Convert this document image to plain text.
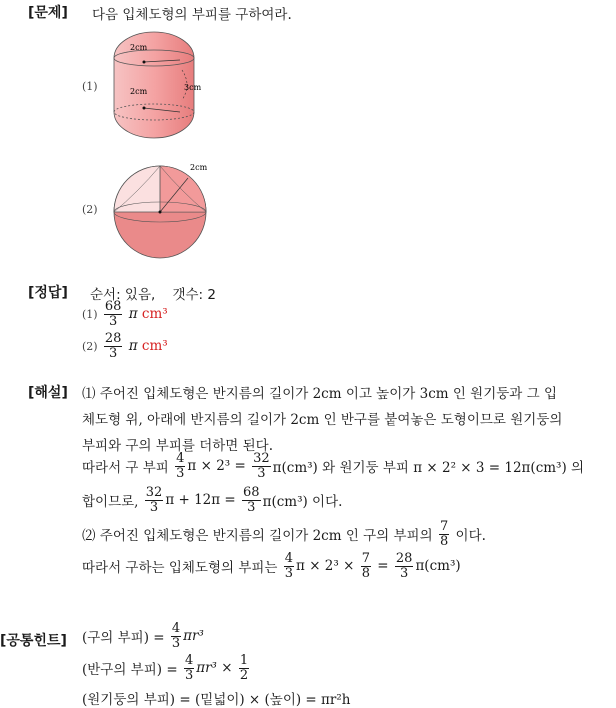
[문제] 다음 입체도형의 부피를 구하여라.
(1)
2cm
2cm	3cm
(2)
2cm
[정답] 순서: 있음, 갯수: 2
(1)
$\frac{68}{3}$
π
cm³
(2)
$\frac{28}{3}$
π
cm³
[해설] ⑴ 주어진 입체도형은 반지름의 길이가 2cm 이고 높이가 3cm 인 원기둥과 그 입
체도형 위, 아래에 반지름의 길이가 2cm 인 반구를 붙여놓은 도형이므로 원기둥의
부피와 구의 부피를 더하면 된다.
따라서 구 부피
$\frac{4}{3}$ π × 2³ =
$\frac{32}{3} \pi(cm^3)$ 와 원기둥 부피 π × 2² × 3 = 12π(cm³) 의
합이므로,
$\frac{32}{3}$ π + 12π =
$\frac{68}{3} \pi(cm^3)$ 이다.
⑵ 주어진 입체도형은 반지름의 길이가 2cm 인 구의 부피의
$\frac{7}{8}$
이다.
따라서 구하는 입체도형의 부피는
$\frac{4}{3}$ π × 2³ ×
$\frac{7}{8}$
=
$\frac{28}{3} \pi(cm^3)$
[공통힌트] (구의 부피) =
$\frac{4}{3} \pi r^3$
(반구의 부피) =
$\frac{4}{3} \pi r^3$ ×
$\frac{1}{2}$
(원기둥의 부피) = (밑넓이) × (높이) = πr²h
